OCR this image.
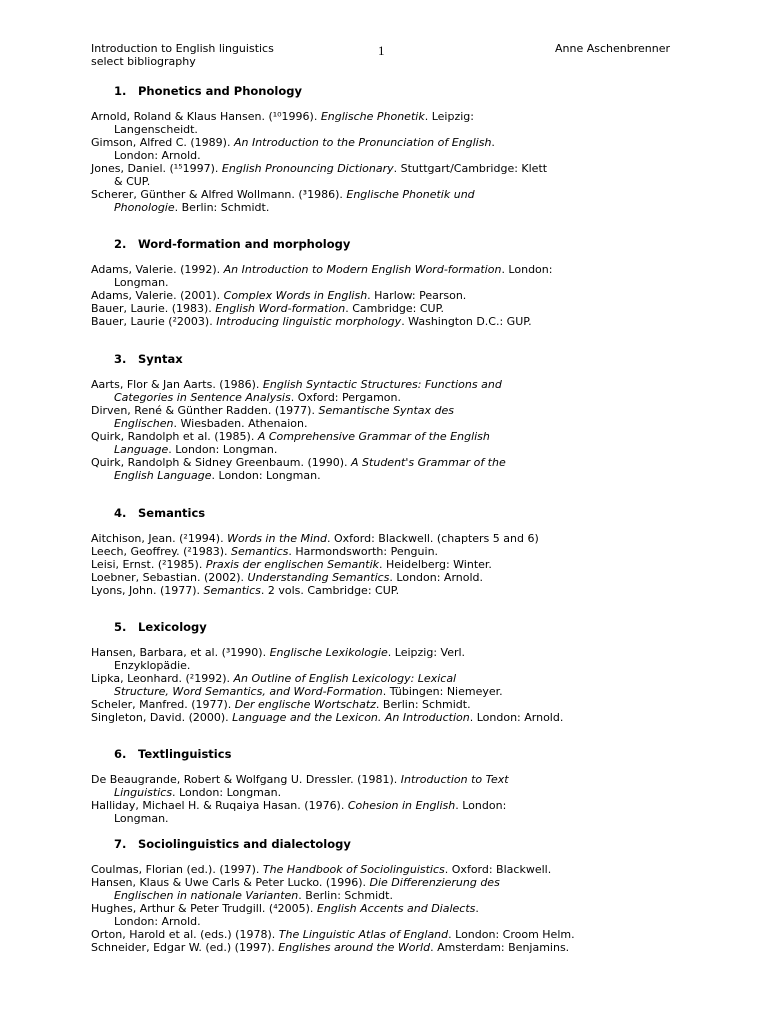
Introduction to English linguistics
select bibliography
1	Anne Aschenbrenner
1. Phonetics and Phonology
Arnold, Roland & Klaus Hansen. (¹⁰1996). Englische Phonetik. Leipzig:
Langenscheidt.
Gimson, Alfred C. (1989). An Introduction to the Pronunciation of English.
London: Arnold.
Jones, Daniel. (¹⁵1997). English Pronouncing Dictionary. Stuttgart/Cambridge: Klett
& CUP.
Scherer, Günther & Alfred Wollmann. (³1986). Englische Phonetik und
Phonologie. Berlin: Schmidt.
2. Word-formation and morphology
Adams, Valerie. (1992). An Introduction to Modern English Word-formation. London:
Longman.
Adams, Valerie. (2001). Complex Words in English. Harlow: Pearson.
Bauer, Laurie. (1983). English Word-formation. Cambridge: CUP.
Bauer, Laurie (²2003). Introducing linguistic morphology. Washington D.C.: GUP.
3. Syntax
Aarts, Flor & Jan Aarts. (1986). English Syntactic Structures: Functions and
Categories in Sentence Analysis. Oxford: Pergamon.
Dirven, René & Günther Radden. (1977). Semantische Syntax des
Englischen. Wiesbaden. Athenaion.
Quirk, Randolph et al. (1985). A Comprehensive Grammar of the English
Language. London: Longman.
Quirk, Randolph & Sidney Greenbaum. (1990). A Student's Grammar of the
English Language. London: Longman.
4. Semantics
Aitchison, Jean. (²1994). Words in the Mind. Oxford: Blackwell. (chapters 5 and 6)
Leech, Geoffrey. (²1983). Semantics. Harmondsworth: Penguin.
Leisi, Ernst. (²1985). Praxis der englischen Semantik. Heidelberg: Winter.
Loebner, Sebastian. (2002). Understanding Semantics. London: Arnold.
Lyons, John. (1977). Semantics. 2 vols. Cambridge: CUP.
5. Lexicology
Hansen, Barbara, et al. (³1990). Englische Lexikologie. Leipzig: Verl.
Enzyklopädie.
Lipka, Leonhard. (²1992). An Outline of English Lexicology: Lexical
Structure, Word Semantics, and Word-Formation. Tübingen: Niemeyer.
Scheler, Manfred. (1977). Der englische Wortschatz. Berlin: Schmidt.
Singleton, David. (2000). Language and the Lexicon. An Introduction. London: Arnold.
6. Textlinguistics
De Beaugrande, Robert & Wolfgang U. Dressler. (1981). Introduction to Text
Linguistics. London: Longman.
Halliday, Michael H. & Ruqaiya Hasan. (1976). Cohesion in English. London:
Longman.
7. Sociolinguistics and dialectology
Coulmas, Florian (ed.). (1997). The Handbook of Sociolinguistics. Oxford: Blackwell.
Hansen, Klaus & Uwe Carls & Peter Lucko. (1996). Die Differenzierung des
Englischen in nationale Varianten. Berlin: Schmidt.
Hughes, Arthur & Peter Trudgill. (⁴2005). English Accents and Dialects.
London: Arnold.
Orton, Harold et al. (eds.) (1978). The Linguistic Atlas of England. London: Croom Helm.
Schneider, Edgar W. (ed.) (1997). Englishes around the World. Amsterdam: Benjamins.
